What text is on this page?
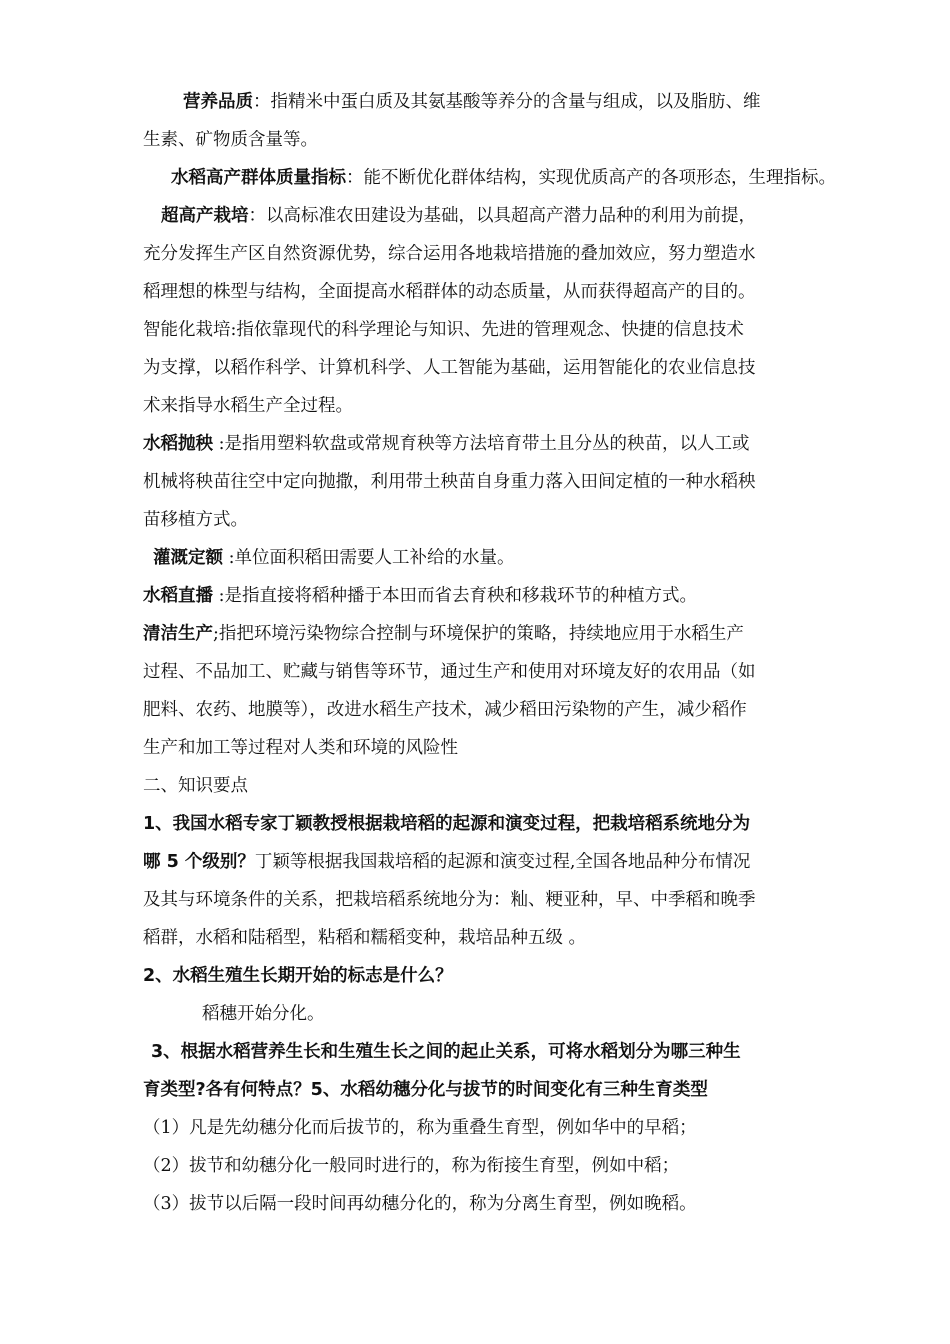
营养品质：指精米中蛋白质及其氨基酸等养分的含量与组成，以及脂肪、维
生素、矿物质含量等。
水稻高产群体质量指标：能不断优化群体结构，实现优质高产的各项形态，生理指标。
超高产栽培：以高标准农田建设为基础，以具超高产潜力品种的利用为前提，
充分发挥生产区自然资源优势，综合运用各地栽培措施的叠加效应，努力塑造水
稻理想的株型与结构，全面提高水稻群体的动态质量，从而获得超高产的目的。
智能化栽培:指依靠现代的科学理论与知识、先进的管理观念、快捷的信息技术
为支撑，以稻作科学、计算机科学、人工智能为基础，运用智能化的农业信息技
术来指导水稻生产全过程。
水稻抛秧 :是指用塑料软盘或常规育秧等方法培育带土且分丛的秧苗，以人工或
机械将秧苗往空中定向抛撒，利用带土秧苗自身重力落入田间定植的一种水稻秧
苗移植方式。
灌溉定额 :单位面积稻田需要人工补给的水量。
水稻直播 :是指直接将稻种播于本田而省去育秧和移栽环节的种植方式。
清洁生产;指把环境污染物综合控制与环境保护的策略，持续地应用于水稻生产
过程、不品加工、贮藏与销售等环节，通过生产和使用对环境友好的农用品（如
肥料、农药、地膜等），改进水稻生产技术，减少稻田污染物的产生，减少稻作
生产和加工等过程对人类和环境的风险性
二、知识要点
1、我国水稻专家丁颖教授根据栽培稻的起源和演变过程，把栽培稻系统地分为
哪 5 个级别？丁颖等根据我国栽培稻的起源和演变过程,全国各地品种分布情况
及其与环境条件的关系，把栽培稻系统地分为：籼、粳亚种，早、中季稻和晚季
稻群，水稻和陆稻型，粘稻和糯稻变种，栽培品种五级 。
2、水稻生殖生长期开始的标志是什么？
稻穗开始分化。
3、根据水稻营养生长和生殖生长之间的起止关系，可将水稻划分为哪三种生
育类型?各有何特点？5、水稻幼穗分化与拔节的时间变化有三种生育类型
（1）凡是先幼穗分化而后拔节的，称为重叠生育型，例如华中的早稻；
（2）拔节和幼穗分化一般同时进行的，称为衔接生育型，例如中稻；
（3）拔节以后隔一段时间再幼穗分化的，称为分离生育型，例如晚稻。
